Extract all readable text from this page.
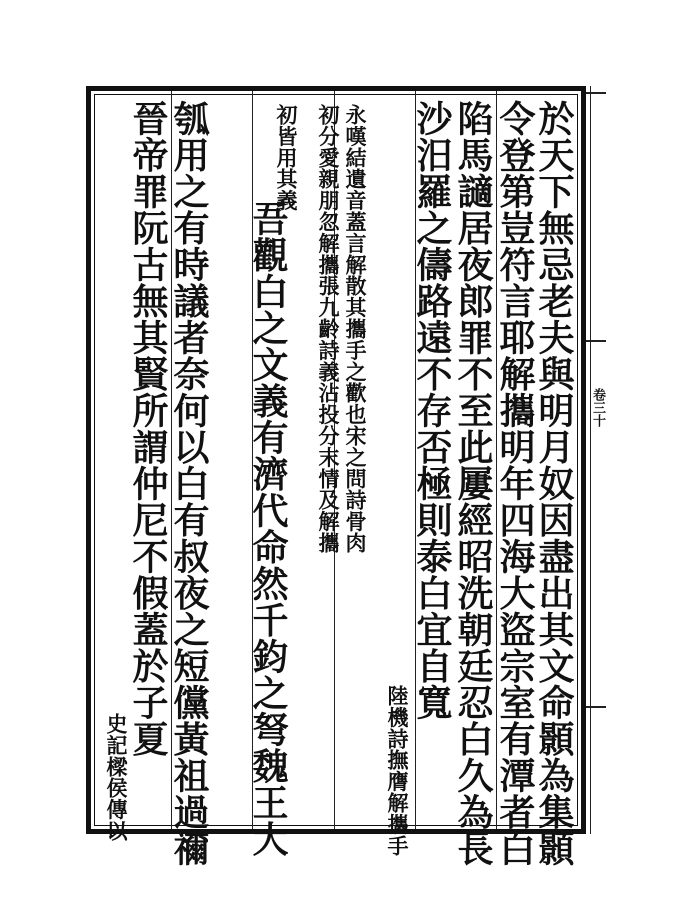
於天下無忌老夫與明月奴因盡出其文命顥為集顥
令登第豈符言耶解攜明年四海大盜宗室有潭者白
陷馬讁居夜郎罪不至此屢經昭洗朝廷忍白久為長
沙汨羅之儔路遠不存否極則泰白宜自寬
陸機詩撫膺解攜手
永嘆結遺音蓋言解散其攜手之歡也宋之問詩骨肉
初分愛親朋忽解攜張九齡詩義沾投分末情及解攜
初皆用其義
吾觀白之文義有濟代命然千鈞之弩魏王大
瓠用之有時議者奈何以白有叔夜之短儻黃祖過禰
晉帝罪阮古無其賢所謂仲尼不假蓋於子夏
史記樑侯傳以
卷三十
